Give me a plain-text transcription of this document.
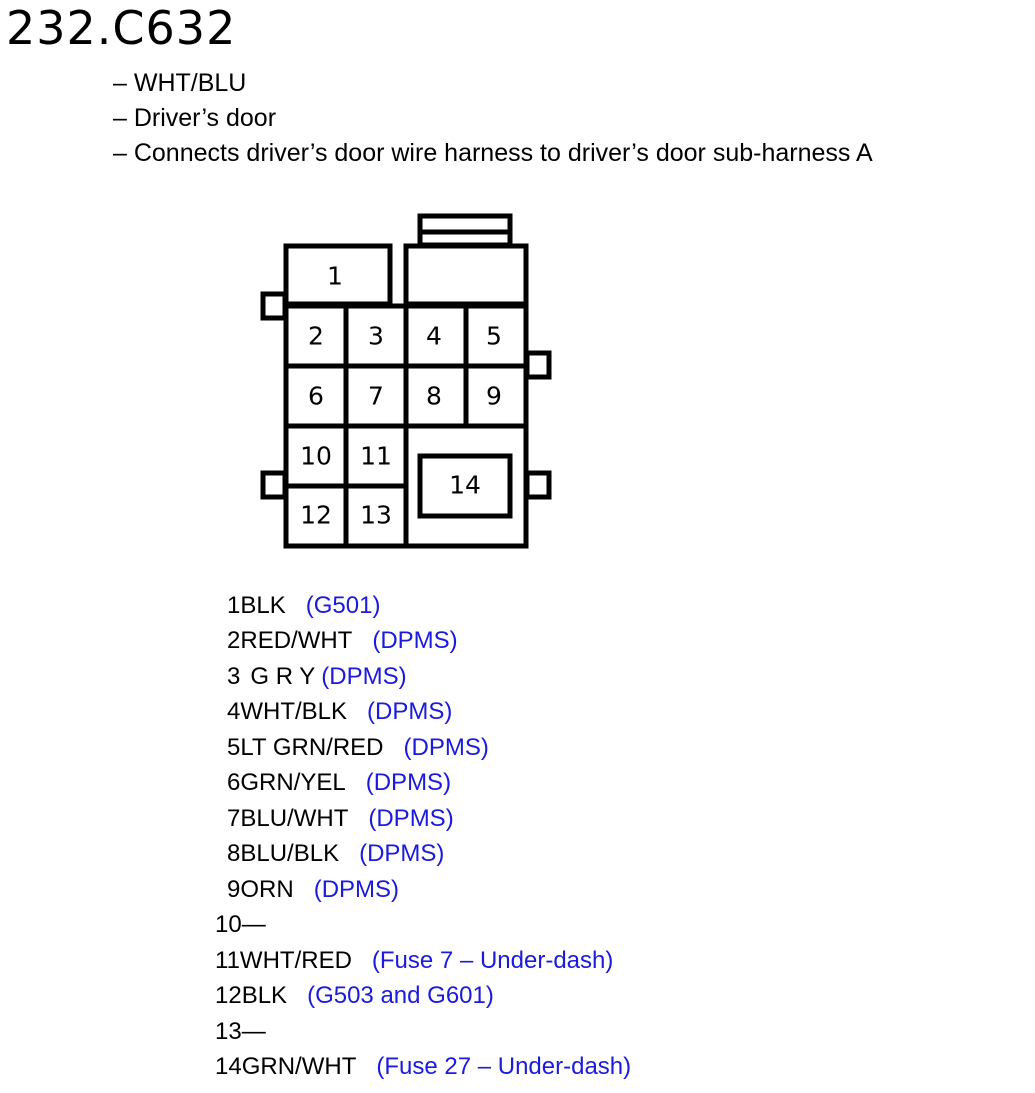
232.C632
– WHT/BLU
– Driver’s door
– Connects driver’s door wire harness to driver’s door sub-harness A
1
2 3 4 5
6 7 8 9
10 11
12 13
14
1BLK (G501)
2RED/WHT (DPMS)
3 G R Y (DPMS)
4WHT/BLK (DPMS)
5LT GRN/RED (DPMS)
6GRN/YEL (DPMS)
7BLU/WHT (DPMS)
8BLU/BLK (DPMS)
9ORN (DPMS)
10—
11WHT/RED (Fuse 7 – Under-dash)
12BLK (G503 and G601)
13—
14GRN/WHT (Fuse 27 – Under-dash)
